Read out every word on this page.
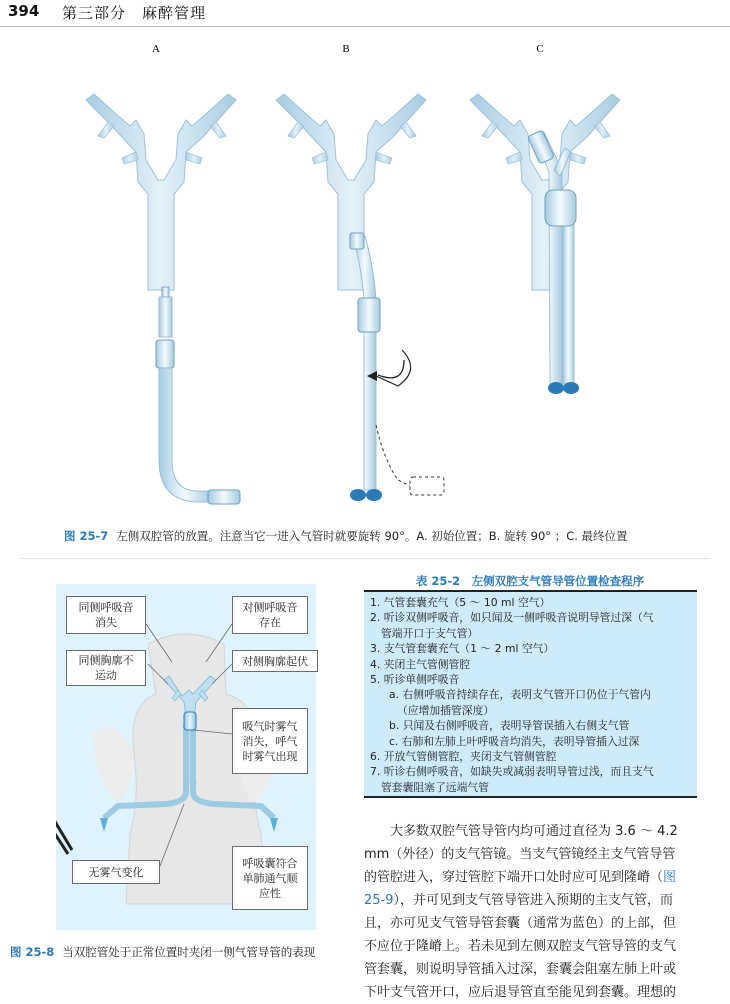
394 第三部分　麻醉管理
A	B	C
图 25-7 左侧双腔管的放置。注意当它一进入气管时就要旋转 90°。A. 初始位置；B. 旋转 90° ；C. 最终位置
同侧呼吸音
消失
对侧呼吸音
存在
同侧胸廓不
运动
对侧胸廓起伏
吸气时雾气
消失，呼气
时雾气出现
无雾气变化
呼吸囊符合
单肺通气顺
应性
图 25-8 当双腔管处于正常位置时夹闭一侧气管导管的表现
表 25-2　左侧双腔支气管导管位置检查程序
1. 气管套囊充气（5 ～ 10 ml 空气）
2. 听诊双侧呼吸音，如只闻及一侧呼吸音说明导管过深（气
管端开口于支气管）
3. 支气管套囊充气（1 ～ 2 ml 空气）
4. 夹闭主气管侧管腔
5. 听诊单侧呼吸音
a. 右侧呼吸音持续存在，表明支气管开口仍位于气管内
（应增加插管深度）
b. 只闻及右侧呼吸音，表明导管误插入右侧支气管
c. 右肺和左肺上叶呼吸音均消失，表明导管插入过深
6. 开放气管侧管腔，夹闭支气管侧管腔
7. 听诊右侧呼吸音，如缺失或减弱表明导管过浅，而且支气
管套囊阻塞了远端气管
大多数双腔气管导管内均可通过直径为 3.6 ～ 4.2
mm（外径）的支气管镜。当支气管镜经主支气管导管
的管腔进入，穿过管腔下端开口处时应可见到隆嵴（图
25-9），并可见到支气管导管进入预期的主支气管，而
且，亦可见支气管导管套囊（通常为蓝色）的上部，但
不应位于隆嵴上。若未见到左侧双腔支气管导管的支气
管套囊，则说明导管插入过深，套囊会阻塞左肺上叶或
下叶支气管开口，应后退导管直至能见到套囊。理想的
